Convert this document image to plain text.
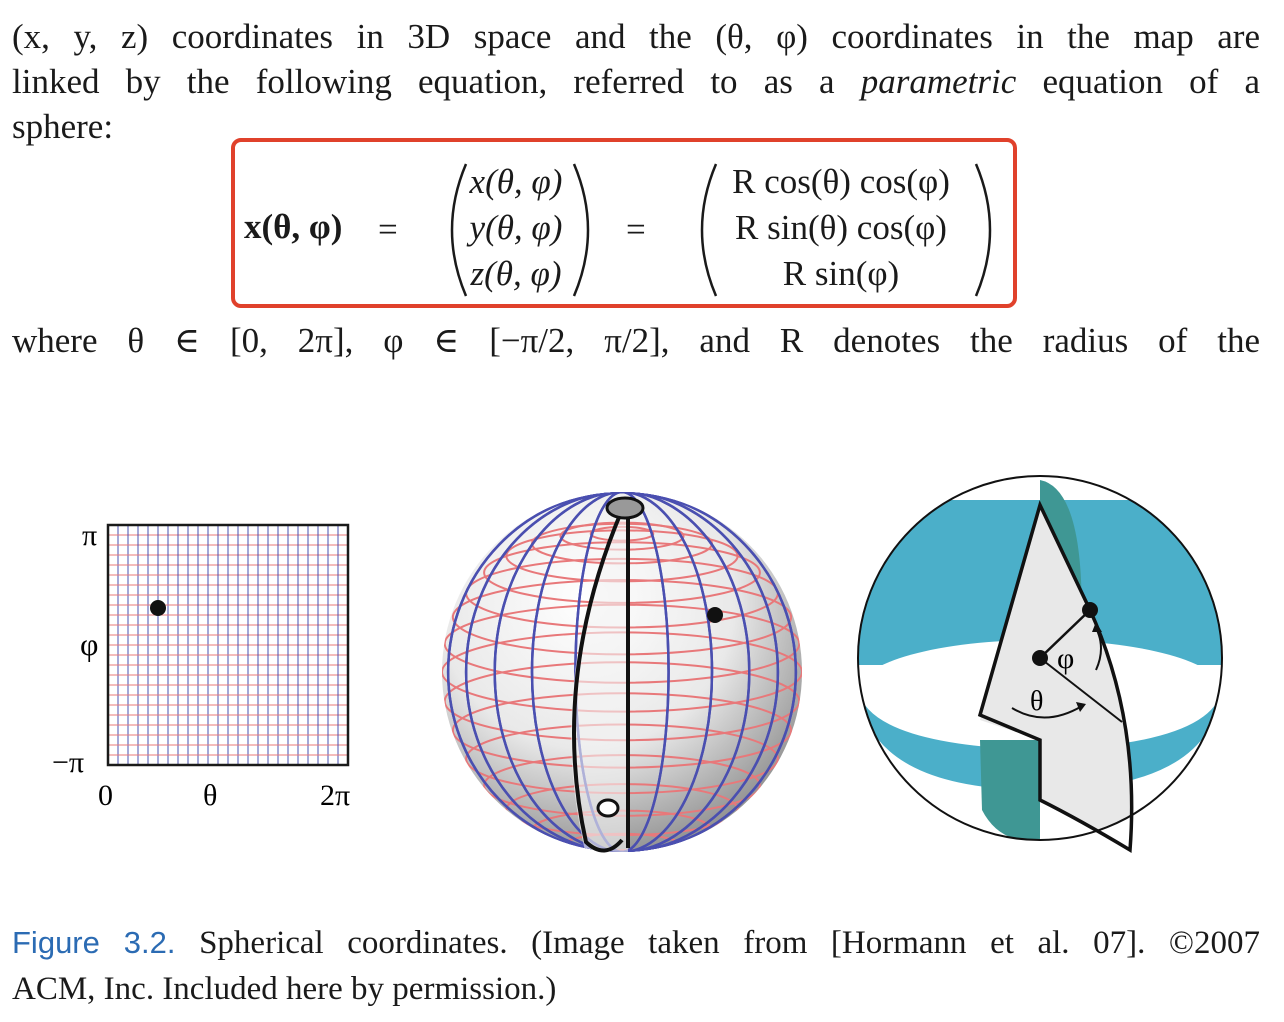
(x, y, z) coordinates in 3D space and the (θ, φ) coordinates in the map are
linked by the following equation, referred to as a parametric equation of a
sphere:
x(θ, φ) =
x(θ, φ)
y(θ, φ)
z(θ, φ)
=
R cos(θ) cos(φ)
R sin(θ) cos(φ)
R sin(φ)
where θ ∈ [0, 2π], φ ∈ [−π/2, π/2], and R denotes the radius of the
π
φ
−π
0	θ	2π
φ
θ
Figure 3.2. Spherical coordinates. (Image taken from [Hormann et al. 07]. ©2007
ACM, Inc. Included here by permission.)
